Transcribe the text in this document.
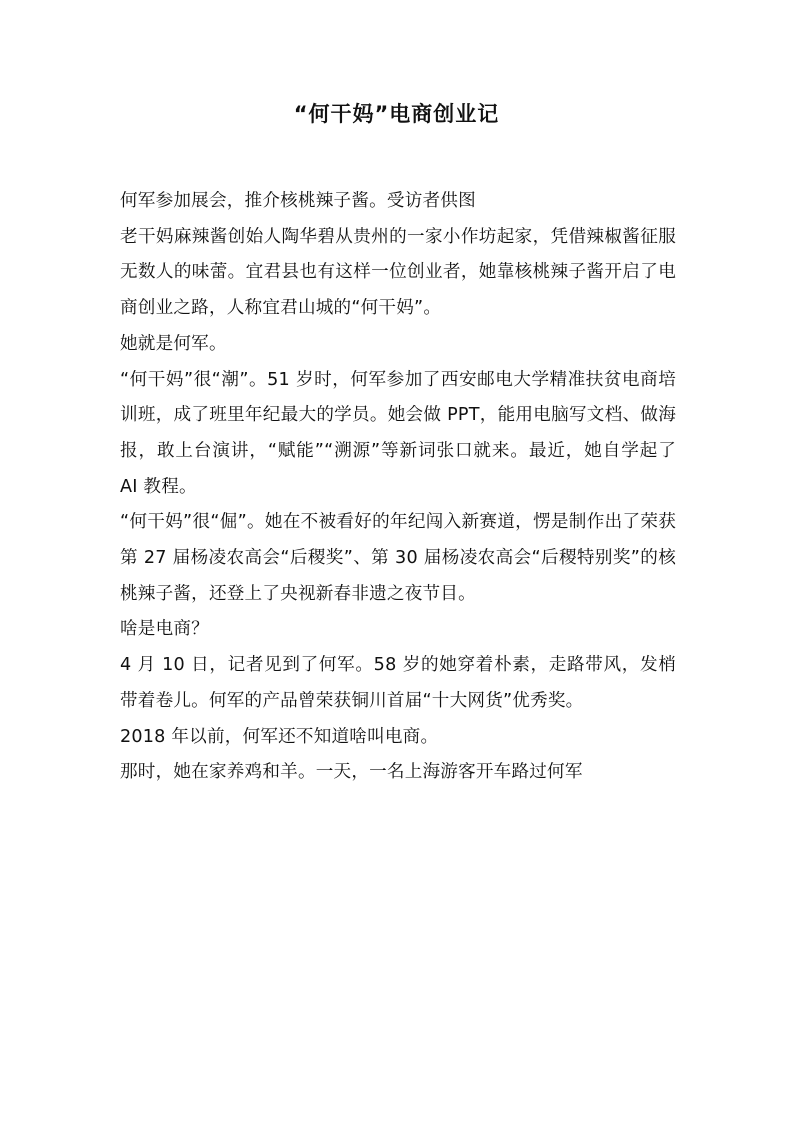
“何干妈”电商创业记

何军参加展会，推介核桃辣子酱。受访者供图

老干妈麻辣酱创始人陶华碧从贵州的一家小作坊起家，凭借辣椒酱征服无数人的味蕾。宜君县也有这样一位创业者，她靠核桃辣子酱开启了电商创业之路，人称宜君山城的“何干妈”。

她就是何军。

“何干妈”很“潮”。51 岁时，何军参加了西安邮电大学精准扶贫电商培训班，成了班里年纪最大的学员。她会做 PPT，能用电脑写文档、做海报，敢上台演讲，“赋能”“溯源”等新词张口就来。最近，她自学起了 AI 教程。

“何干妈”很“倔”。她在不被看好的年纪闯入新赛道，愣是制作出了荣获第 27 届杨凌农高会“后稷奖”、第 30 届杨凌农高会“后稷特别奖”的核桃辣子酱，还登上了央视新春非遗之夜节目。

啥是电商？

4 月 10 日，记者见到了何军。58 岁的她穿着朴素，走路带风，发梢带着卷儿。何军的产品曾荣获铜川首届“十大网货”优秀奖。

2018 年以前，何军还不知道啥叫电商。

那时，她在家养鸡和羊。一天，一名上海游客开车路过何军
